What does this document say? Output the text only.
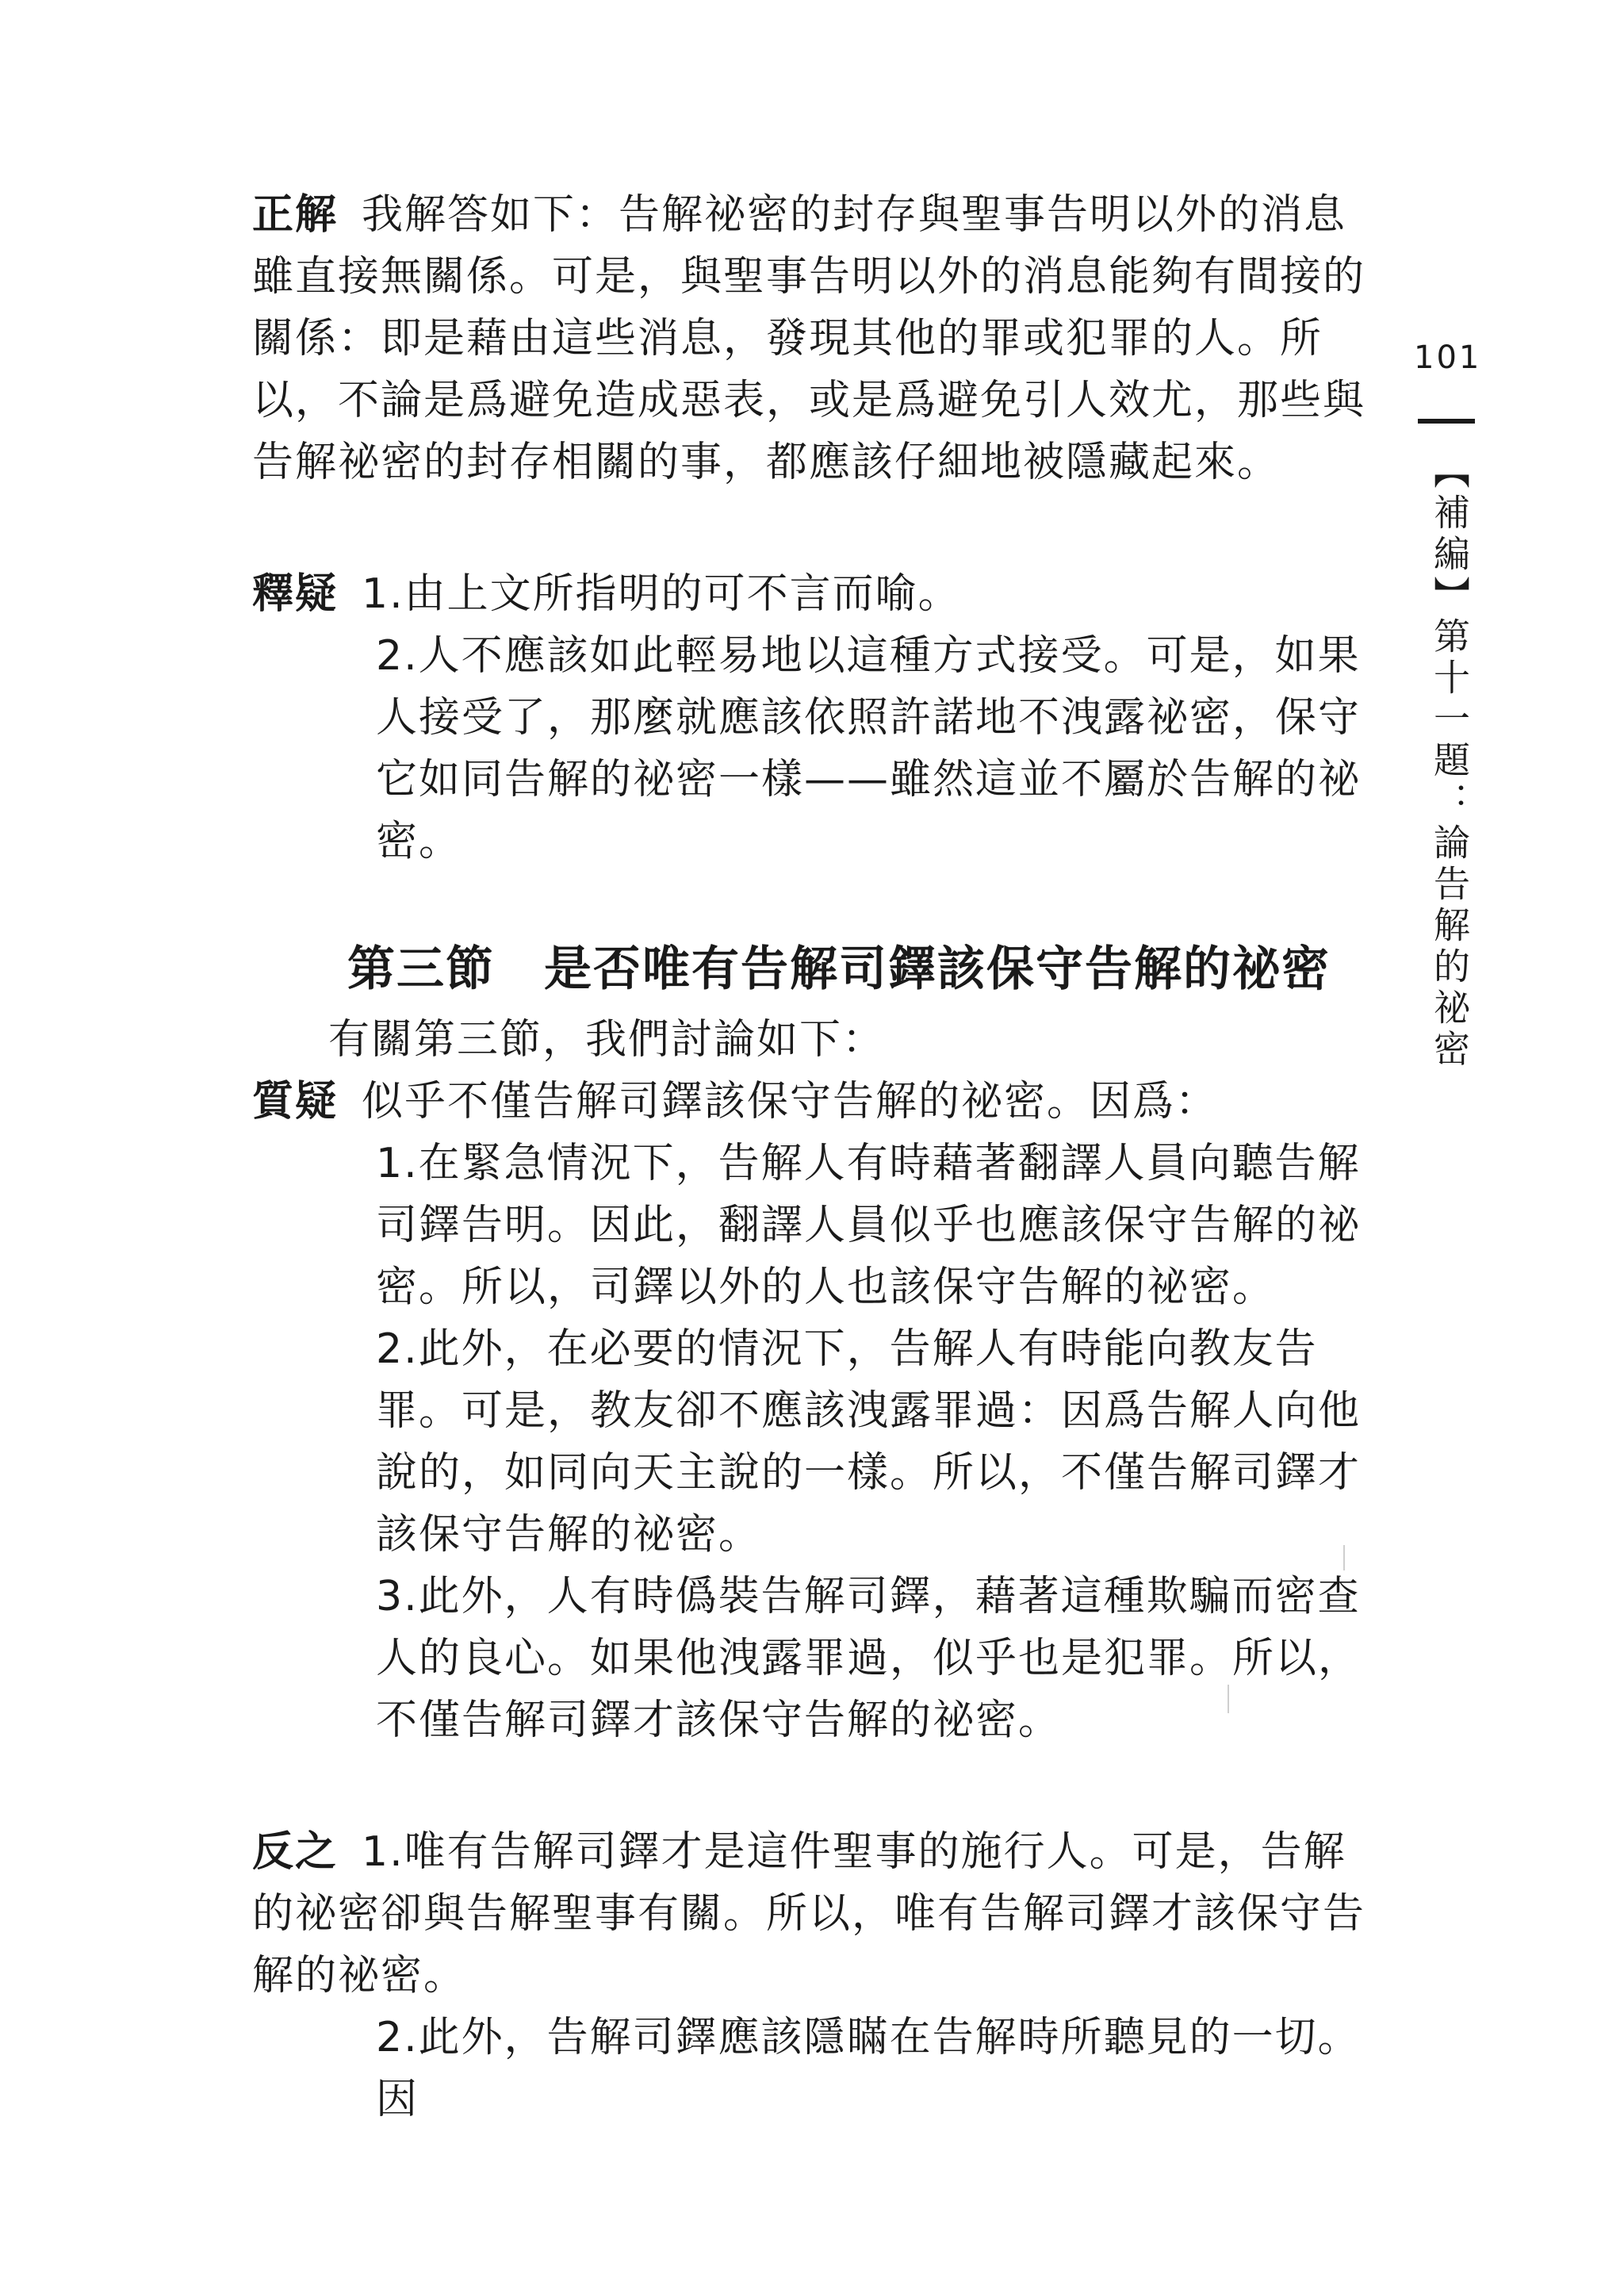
101
【補編】第十一題：論告解的祕密

正解 我解答如下：告解祕密的封存與聖事告明以外的消息雖直接無關係。可是，與聖事告明以外的消息能夠有間接的關係：即是藉由這些消息，發現其他的罪或犯罪的人。所以，不論是爲避免造成惡表，或是爲避免引人效尤，那些與告解祕密的封存相關的事，都應該仔細地被隱藏起來。

釋疑 1.由上文所指明的可不言而喻。

2.人不應該如此輕易地以這種方式接受。可是，如果人接受了，那麼就應該依照許諾地不洩露祕密，保守它如同告解的祕密一樣——雖然這並不屬於告解的祕密。

第三節　是否唯有告解司鐸該保守告解的祕密

有關第三節，我們討論如下：

質疑 似乎不僅告解司鐸該保守告解的祕密。因爲：

1.在緊急情況下，告解人有時藉著翻譯人員向聽告解司鐸告明。因此，翻譯人員似乎也應該保守告解的祕密。所以，司鐸以外的人也該保守告解的祕密。

2.此外，在必要的情況下，告解人有時能向教友告罪。可是，教友卻不應該洩露罪過：因爲告解人向他說的，如同向天主說的一樣。所以，不僅告解司鐸才該保守告解的祕密。

3.此外，人有時僞裝告解司鐸，藉著這種欺騙而密查人的良心。如果他洩露罪過，似乎也是犯罪。所以，不僅告解司鐸才該保守告解的祕密。

反之 1.唯有告解司鐸才是這件聖事的施行人。可是，告解的祕密卻與告解聖事有關。所以，唯有告解司鐸才該保守告解的祕密。

2.此外，告解司鐸應該隱瞞在告解時所聽見的一切。因
